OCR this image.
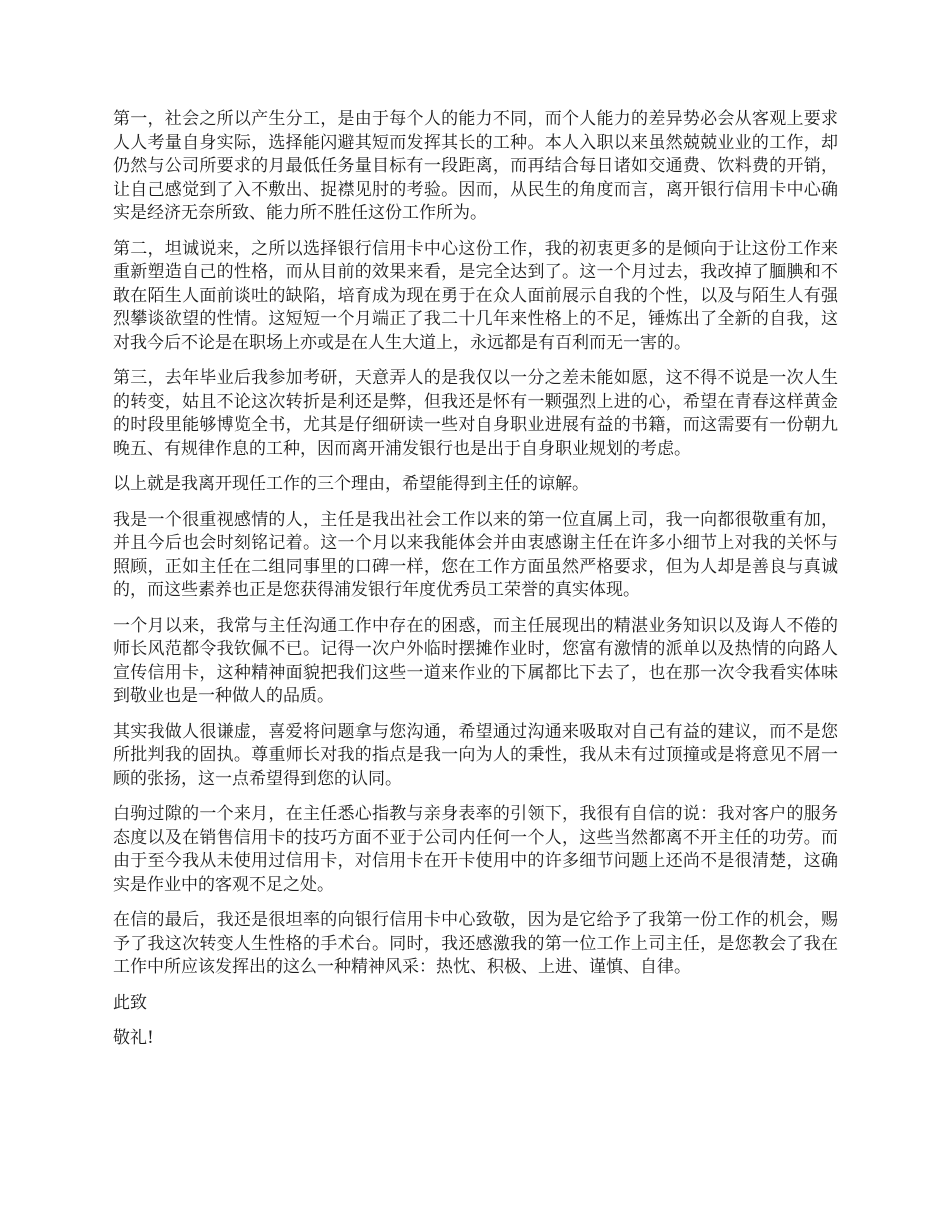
第一，社会之所以产生分工，是由于每个人的能力不同，而个人能力的差异势必会从客观上要求人人考量自身实际，选择能闪避其短而发挥其长的工种。本人入职以来虽然兢兢业业的工作，却仍然与公司所要求的月最低任务量目标有一段距离，而再结合每日诸如交通费、饮料费的开销，让自己感觉到了入不敷出、捉襟见肘的考验。因而，从民生的角度而言，离开银行信用卡中心确实是经济无奈所致、能力所不胜任这份工作所为。

第二，坦诚说来，之所以选择银行信用卡中心这份工作，我的初衷更多的是倾向于让这份工作来重新塑造自己的性格，而从目前的效果来看，是完全达到了。这一个月过去，我改掉了腼腆和不敢在陌生人面前谈吐的缺陷，培育成为现在勇于在众人面前展示自我的个性，以及与陌生人有强烈攀谈欲望的性情。这短短一个月端正了我二十几年来性格上的不足，锤炼出了全新的自我，这对我今后不论是在职场上亦或是在人生大道上，永远都是有百利而无一害的。

第三，去年毕业后我参加考研，天意弄人的是我仅以一分之差未能如愿，这不得不说是一次人生的转变，姑且不论这次转折是利还是弊，但我还是怀有一颗强烈上进的心，希望在青春这样黄金的时段里能够博览全书，尤其是仔细研读一些对自身职业进展有益的书籍，而这需要有一份朝九晚五、有规律作息的工种，因而离开浦发银行也是出于自身职业规划的考虑。

以上就是我离开现任工作的三个理由，希望能得到主任的谅解。

我是一个很重视感情的人，主任是我出社会工作以来的第一位直属上司，我一向都很敬重有加，并且今后也会时刻铭记着。这一个月以来我能体会并由衷感谢主任在许多小细节上对我的关怀与照顾，正如主任在二组同事里的口碑一样，您在工作方面虽然严格要求，但为人却是善良与真诚的，而这些素养也正是您获得浦发银行年度优秀员工荣誉的真实体现。

一个月以来，我常与主任沟通工作中存在的困惑，而主任展现出的精湛业务知识以及诲人不倦的师长风范都令我钦佩不已。记得一次户外临时摆摊作业时，您富有激情的派单以及热情的向路人宣传信用卡，这种精神面貌把我们这些一道来作业的下属都比下去了，也在那一次令我看实体味到敬业也是一种做人的品质。

其实我做人很谦虚，喜爱将问题拿与您沟通，希望通过沟通来吸取对自己有益的建议，而不是您所批判我的固执。尊重师长对我的指点是我一向为人的秉性，我从未有过顶撞或是将意见不屑一顾的张扬，这一点希望得到您的认同。

白驹过隙的一个来月，在主任悉心指教与亲身表率的引领下，我很有自信的说：我对客户的服务态度以及在销售信用卡的技巧方面不亚于公司内任何一个人，这些当然都离不开主任的功劳。而由于至今我从未使用过信用卡，对信用卡在开卡使用中的许多细节问题上还尚不是很清楚，这确实是作业中的客观不足之处。

在信的最后，我还是很坦率的向银行信用卡中心致敬，因为是它给予了我第一份工作的机会，赐予了我这次转变人生性格的手术台。同时，我还感激我的第一位工作上司主任，是您教会了我在工作中所应该发挥出的这么一种精神风采：热忱、积极、上进、谨慎、自律。

此致

敬礼!
